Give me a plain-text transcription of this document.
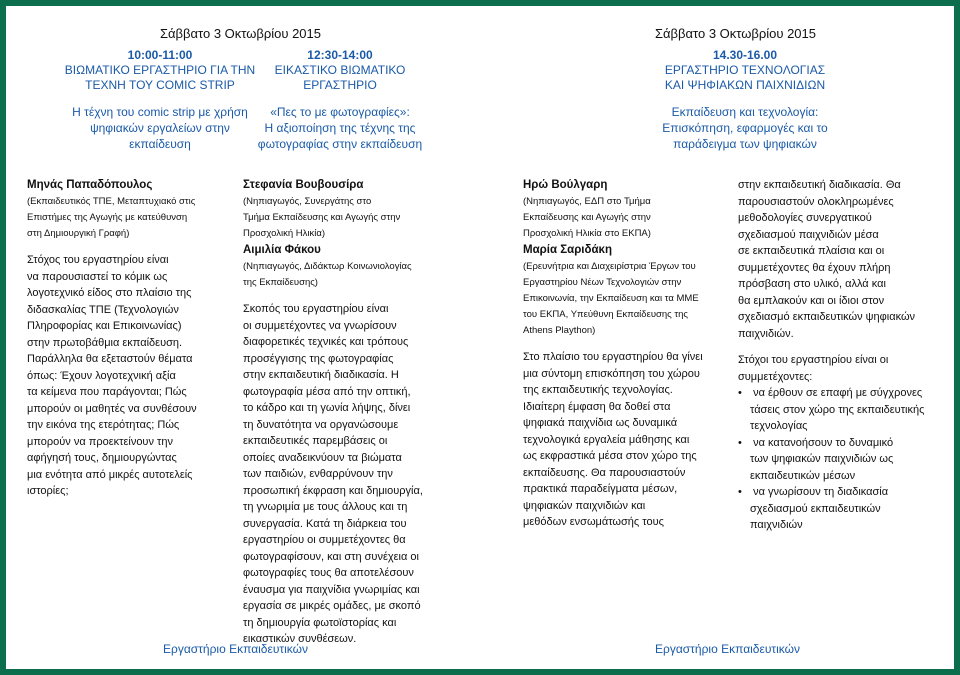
Σάββατο 3 Οκτωβρίου 2015
10:00-11:00
ΒΙΩΜΑΤΙΚΟ ΕΡΓΑΣΤΗΡΙΟ ΓΙΑ ΤΗΝ
ΤΕΧΝΗ ΤΟΥ COMIC STRIP
Η τέχνη του comic strip με χρήση
ψηφιακών εργαλείων στην
εκπαίδευση
12:30-14:00
ΕΙΚΑΣΤΙΚΟ ΒΙΩΜΑΤΙΚΟ
ΕΡΓΑΣΤΗΡΙΟ
«Πες το με φωτογραφίες»:
Η αξιοποίηση της τέχνης της
φωτογραφίας στην εκπαίδευση
Σάββατο 3 Οκτωβρίου 2015
14.30-16.00
ΕΡΓΑΣΤΗΡΙΟ ΤΕΧΝΟΛΟΓΙΑΣ
ΚΑΙ ΨΗΦΙΑΚΩΝ ΠΑΙΧΝΙΔΙΩΝ
Εκπαίδευση και τεχνολογία:
Επισκόπηση, εφαρμογές και το
παράδειγμα των ψηφιακών
Μηνάς Παπαδόπουλος
(Εκπαιδευτικός ΤΠΕ, Μεταπτυχιακό στις
Επιστήμες της Αγωγής με κατεύθυνση
στη Δημιουργική Γραφή)
Στόχος του εργαστηρίου είναι
να παρουσιαστεί το κόμικ ως
λογοτεχνικό είδος στο πλαίσιο της
διδασκαλίας ΤΠΕ (Τεχνολογιών
Πληροφορίας και Επικοινωνίας)
στην πρωτοβάθμια εκπαίδευση.
Παράλληλα θα εξεταστούν θέματα
όπως: Έχουν λογοτεχνική αξία
τα κείμενα που παράγονται; Πώς
μπορούν οι μαθητές να συνθέσουν
την εικόνα της ετερότητας; Πώς
μπορούν να προεκτείνουν την
αφήγησή τους, δημιουργώντας
μια ενότητα από μικρές αυτοτελείς
ιστορίες;
Στεφανία Βουβουσίρα
(Νηπιαγωγός, Συνεργάτης στο
Τμήμα Εκπαίδευσης και Αγωγής στην
Προσχολική Ηλικία)
Αιμιλία Φάκου
(Νηπιαγωγός, Διδάκτωρ Κοινωνιολογίας
της Εκπαίδευσης)
Σκοπός του εργαστηρίου είναι
οι συμμετέχοντες να γνωρίσουν
διαφορετικές τεχνικές και τρόπους
προσέγγισης της φωτογραφίας
στην εκπαιδευτική διαδικασία. Η
φωτογραφία μέσα από την οπτική,
το κάδρο και τη γωνία λήψης, δίνει
τη δυνατότητα να οργανώσουμε
εκπαιδευτικές παρεμβάσεις οι
οποίες αναδεικνύουν τα βιώματα
των παιδιών, ενθαρρύνουν την
προσωπική έκφραση και δημιουργία,
τη γνωριμία με τους άλλους και τη
συνεργασία. Κατά τη διάρκεια του
εργαστηρίου οι συμμετέχοντες θα
φωτογραφίσουν, και στη συνέχεια οι
φωτογραφίες τους θα αποτελέσουν
έναυσμα για παιχνίδια γνωριμίας και
εργασία σε μικρές ομάδες, με σκοπό
τη δημιουργία φωτοϊστορίας και
εικαστικών συνθέσεων.
Ηρώ Βούλγαρη
(Νηπιαγωγός, ΕΔΠ στο Τμήμα
Εκπαίδευσης και Αγωγής στην
Προσχολική Ηλικία στο ΕΚΠΑ)
Μαρία Σαριδάκη
(Ερευνήτρια και Διαχειρίστρια Έργων του
Εργαστηρίου Νέων Τεχνολογιών στην
Επικοινωνία, την Εκπαίδευση και τα ΜΜΕ
του ΕΚΠΑ, Υπεύθυνη Εκπαίδευσης της
Athens Plaython)
Στο πλαίσιο του εργαστηρίου θα γίνει
μια σύντομη επισκόπηση του χώρου
της εκπαιδευτικής τεχνολογίας.
Ιδιαίτερη έμφαση θα δοθεί στα
ψηφιακά παιχνίδια ως δυναμικά
τεχνολογικά εργαλεία μάθησης και
ως εκφραστικά μέσα στον χώρο της
εκπαίδευσης. Θα παρουσιαστούν
πρακτικά παραδείγματα μέσων,
ψηφιακών παιχνιδιών και
μεθόδων ενσωμάτωσής τους
στην εκπαιδευτική διαδικασία. Θα
παρουσιαστούν ολοκληρωμένες
μεθοδολογίες συνεργατικού
σχεδιασμού παιχνιδιών μέσα
σε εκπαιδευτικά πλαίσια και οι
συμμετέχοντες θα έχουν πλήρη
πρόσβαση στο υλικό, αλλά και
θα εμπλακούν και οι ίδιοι στον
σχεδιασμό εκπαιδευτικών ψηφιακών
παιχνιδιών.
Στόχοι του εργαστηρίου είναι οι
συμμετέχοντες:
• να έρθουν σε επαφή με σύγχρονες
τάσεις στον χώρο της εκπαιδευτικής
τεχνολογίας
• να κατανοήσουν το δυναμικό
των ψηφιακών παιχνιδιών ως
εκπαιδευτικών μέσων
• να γνωρίσουν τη διαδικασία
σχεδιασμού εκπαιδευτικών
παιχνιδιών
Εργαστήριο Εκπαιδευτικών	Εργαστήριο Εκπαιδευτικών
